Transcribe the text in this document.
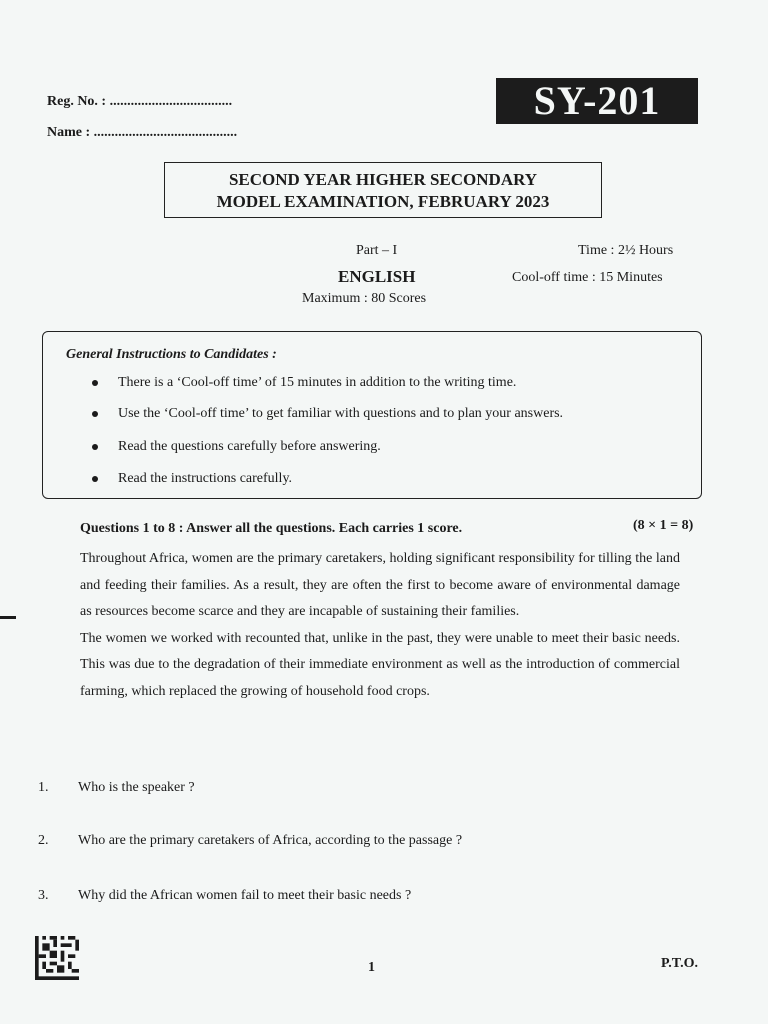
Reg. No. : ...................................
Name : .........................................
SY-201
SECOND YEAR HIGHER SECONDARY
MODEL EXAMINATION, FEBRUARY 2023
Part – I
ENGLISH
Maximum : 80 Scores
Time : 2½ Hours
Cool-off time : 15 Minutes
General Instructions to Candidates :
There is a ‘Cool-off time’ of 15 minutes in addition to the writing time.
Use the ‘Cool-off time’ to get familiar with questions and to plan your answers.
Read the questions carefully before answering.
Read the instructions carefully.
Questions 1 to 8 : Answer all the questions. Each carries 1 score.	(8 × 1 = 8)

Throughout Africa, women are the primary caretakers, holding significant responsibility for tilling the land and feeding their families. As a result, they are often the first to become aware of environmental damage as resources become scarce and they are incapable of sustaining their families.

The women we worked with recounted that, unlike in the past, they were unable to meet their basic needs. This was due to the degradation of their immediate environment as well as the introduction of commercial farming, which replaced the growing of household food crops.

1. Who is the speaker ?
2. Who are the primary caretakers of Africa, according to the passage ?
3. Why did the African women fail to meet their basic needs ?
1	P.T.O.
